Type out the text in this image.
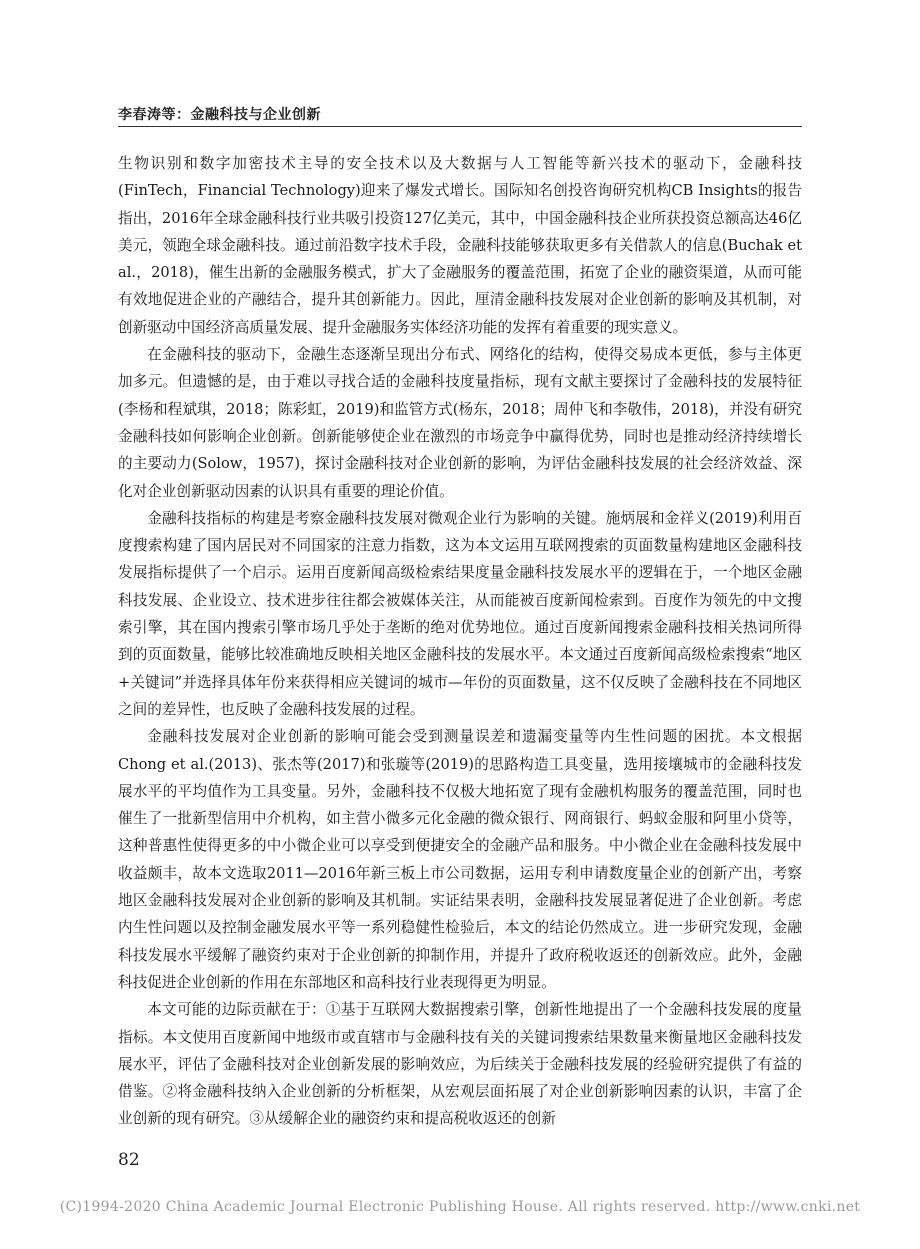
李春涛等：金融科技与企业创新

生物识别和数字加密技术主导的安全技术以及大数据与人工智能等新兴技术的驱动下，金融科技(FinTech，Financial Technology)迎来了爆发式增长。国际知名创投咨询研究机构CB Insights的报告指出，2016年全球金融科技行业共吸引投资127亿美元，其中，中国金融科技企业所获投资总额高达46亿美元，领跑全球金融科技。通过前沿数字技术手段，金融科技能够获取更多有关借款人的信息(Buchak et al.，2018)，催生出新的金融服务模式，扩大了金融服务的覆盖范围，拓宽了企业的融资渠道，从而可能有效地促进企业的产融结合，提升其创新能力。因此，厘清金融科技发展对企业创新的影响及其机制，对创新驱动中国经济高质量发展、提升金融服务实体经济功能的发挥有着重要的现实意义。

在金融科技的驱动下，金融生态逐渐呈现出分布式、网络化的结构，使得交易成本更低，参与主体更加多元。但遗憾的是，由于难以寻找合适的金融科技度量指标，现有文献主要探讨了金融科技的发展特征(李杨和程斌琪，2018；陈彩虹，2019)和监管方式(杨东，2018；周仲飞和李敬伟，2018)，并没有研究金融科技如何影响企业创新。创新能够使企业在激烈的市场竞争中赢得优势，同时也是推动经济持续增长的主要动力(Solow，1957)，探讨金融科技对企业创新的影响，为评估金融科技发展的社会经济效益、深化对企业创新驱动因素的认识具有重要的理论价值。

金融科技指标的构建是考察金融科技发展对微观企业行为影响的关键。施炳展和金祥义(2019)利用百度搜索构建了国内居民对不同国家的注意力指数，这为本文运用互联网搜索的页面数量构建地区金融科技发展指标提供了一个启示。运用百度新闻高级检索结果度量金融科技发展水平的逻辑在于，一个地区金融科技发展、企业设立、技术进步往往都会被媒体关注，从而能被百度新闻检索到。百度作为领先的中文搜索引擎，其在国内搜索引擎市场几乎处于垄断的绝对优势地位。通过百度新闻搜索金融科技相关热词所得到的页面数量，能够比较准确地反映相关地区金融科技的发展水平。本文通过百度新闻高级检索搜索“地区+关键词”并选择具体年份来获得相应关键词的城市—年份的页面数量，这不仅反映了金融科技在不同地区之间的差异性，也反映了金融科技发展的过程。

金融科技发展对企业创新的影响可能会受到测量误差和遗漏变量等内生性问题的困扰。本文根据Chong et al.(2013)、张杰等(2017)和张璇等(2019)的思路构造工具变量，选用接壤城市的金融科技发展水平的平均值作为工具变量。另外，金融科技不仅极大地拓宽了现有金融机构服务的覆盖范围，同时也催生了一批新型信用中介机构，如主营小微多元化金融的微众银行、网商银行、蚂蚁金服和阿里小贷等，这种普惠性使得更多的中小微企业可以享受到便捷安全的金融产品和服务。中小微企业在金融科技发展中收益颇丰，故本文选取2011—2016年新三板上市公司数据，运用专利申请数度量企业的创新产出，考察地区金融科技发展对企业创新的影响及其机制。实证结果表明，金融科技发展显著促进了企业创新。考虑内生性问题以及控制金融发展水平等一系列稳健性检验后，本文的结论仍然成立。进一步研究发现，金融科技发展水平缓解了融资约束对于企业创新的抑制作用，并提升了政府税收返还的创新效应。此外，金融科技促进企业创新的作用在东部地区和高科技行业表现得更为明显。

本文可能的边际贡献在于：①基于互联网大数据搜索引擎，创新性地提出了一个金融科技发展的度量指标。本文使用百度新闻中地级市或直辖市与金融科技有关的关键词搜索结果数量来衡量地区金融科技发展水平，评估了金融科技对企业创新发展的影响效应，为后续关于金融科技发展的经验研究提供了有益的借鉴。②将金融科技纳入企业创新的分析框架，从宏观层面拓展了对企业创新影响因素的认识，丰富了企业创新的现有研究。③从缓解企业的融资约束和提高税收返还的创新

82
(C)1994-2020 China Academic Journal Electronic Publishing House. All rights reserved. http://www.cnki.net
